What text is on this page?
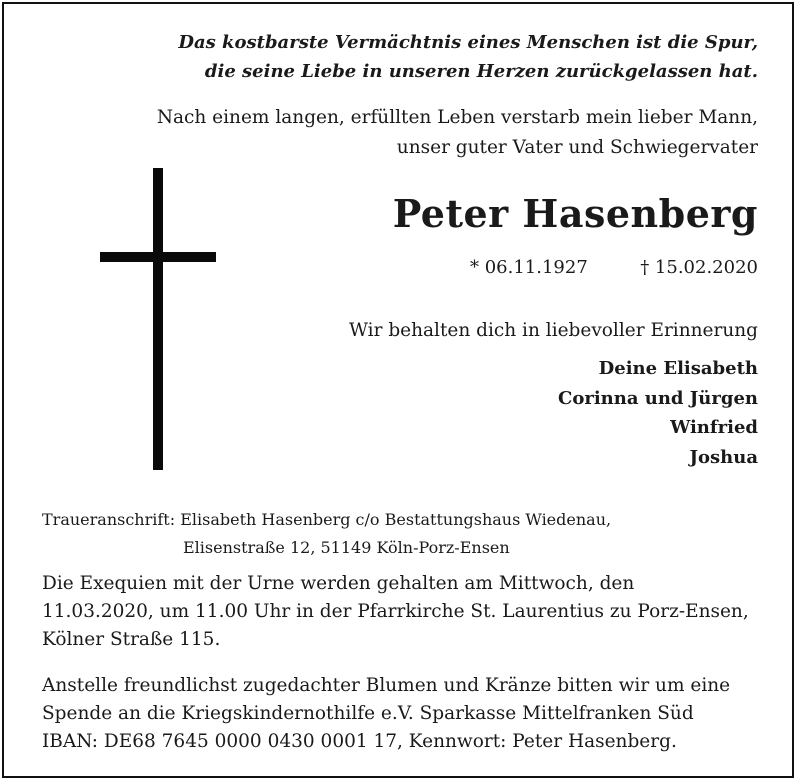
Das kostbarste Vermächtnis eines Menschen ist die Spur,

die seine Liebe in unseren Herzen zurückgelassen hat.

Nach einem langen, erfüllten Leben verstarb mein lieber Mann,

unser guter Vater und Schwiegervater

Peter Hasenberg

* 06.11.1927	† 15.02.2020

Wir behalten dich in liebevoller Erinnerung

Deine Elisabeth

Corinna und Jürgen

Winfried

Joshua

Traueranschrift: Elisabeth Hasenberg c/o Bestattungshaus Wiedenau,

Elisenstraße 12, 51149 Köln-Porz-Ensen

Die Exequien mit der Urne werden gehalten am Mittwoch, den

11.03.2020, um 11.00 Uhr in der Pfarrkirche St. Laurentius zu Porz-Ensen,

Kölner Straße 115.

Anstelle freundlichst zugedachter Blumen und Kränze bitten wir um eine

Spende an die Kriegskindernothilfe e.V. Sparkasse Mittelfranken Süd

IBAN: DE68 7645 0000 0430 0001 17, Kennwort: Peter Hasenberg.
